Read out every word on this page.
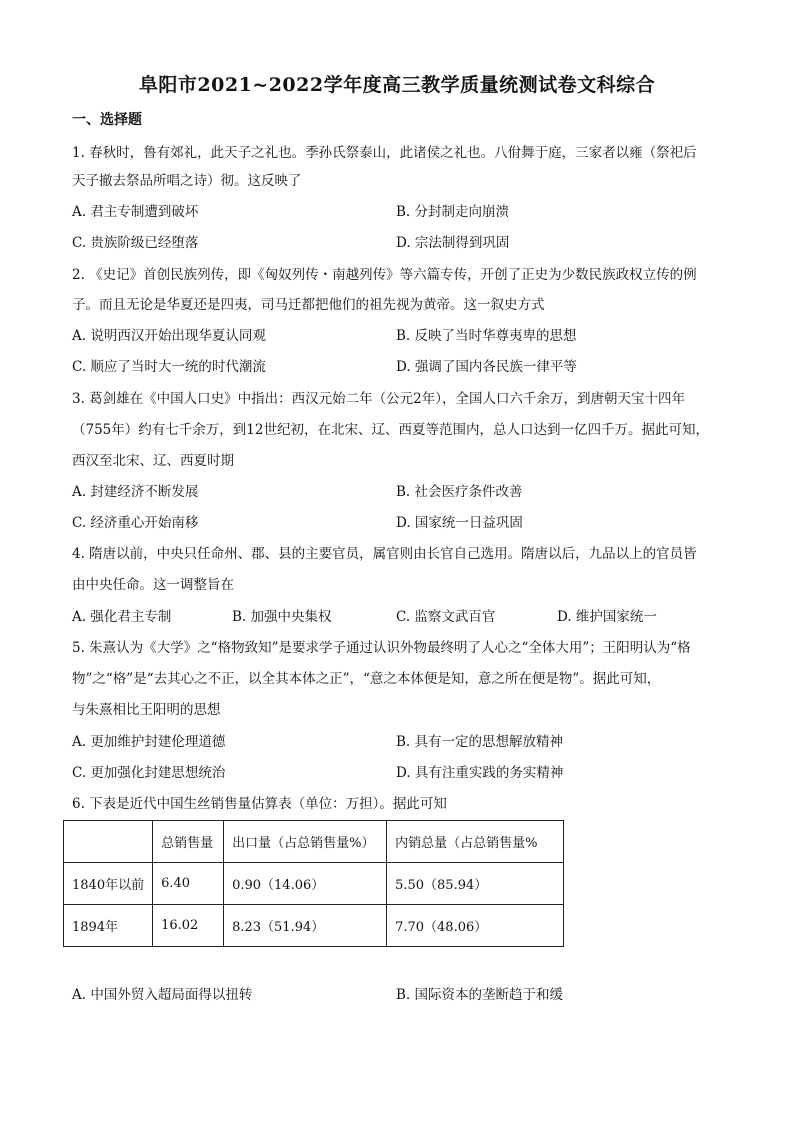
阜阳市2021~2022学年度高三教学质量统测试卷文科综合
一、选择题
1. 春秋时，鲁有郊礼，此天子之礼也。季孙氏祭泰山，此诸侯之礼也。八佾舞于庭，三家者以雍（祭祀后
天子撤去祭品所唱之诗）彻。这反映了
A. 君主专制遭到破坏	B. 分封制走向崩溃
C. 贵族阶级已经堕落	D. 宗法制得到巩固
2. 《史记》首创民族列传，即《匈奴列传・南越列传》等六篇专传，开创了正史为少数民族政权立传的例
子。而且无论是华夏还是四夷，司马迁都把他们的祖先视为黄帝。这一叙史方式
A. 说明西汉开始出现华夏认同观	B. 反映了当时华尊夷卑的思想
C. 顺应了当时大一统的时代潮流	D. 强调了国内各民族一律平等
3. 葛剑雄在《中国人口史》中指出：西汉元始二年（公元2年），全国人口六千余万，到唐朝天宝十四年
（755年）约有七千余万，到12世纪初，在北宋、辽、西夏等范围内，总人口达到一亿四千万。据此可知，
西汉至北宋、辽、西夏时期
A. 封建经济不断发展	B. 社会医疗条件改善
C. 经济重心开始南移	D. 国家统一日益巩固
4. 隋唐以前，中央只任命州、郡、县的主要官员，属官则由长官自己选用。隋唐以后，九品以上的官员皆
由中央任命。这一调整旨在
A. 强化君主专制	B. 加强中央集权	C. 监察文武百官	D. 维护国家统一
5. 朱熹认为《大学》之“格物致知”是要求学子通过认识外物最终明了人心之“全体大用”；王阳明认为“格
物”之“格”是“去其心之不正，以全其本体之正”，“意之本体便是知，意之所在便是物”。据此可知，
与朱熹相比王阳明的思想
A. 更加维护封建伦理道德	B. 具有一定的思想解放精神
C. 更加强化封建思想统治	D. 具有注重实践的务实精神
6. 下表是近代中国生丝销售量估算表（单位：万担）。据此可知
	总销售量	出口量（占总销售量%）	内销总量（占总销售量%
1840年以前	6.40	0.90（14.06）	5.50（85.94）
1894年	16.02	8.23（51.94）	7.70（48.06）
A. 中国外贸入超局面得以扭转	B. 国际资本的垄断趋于和缓
